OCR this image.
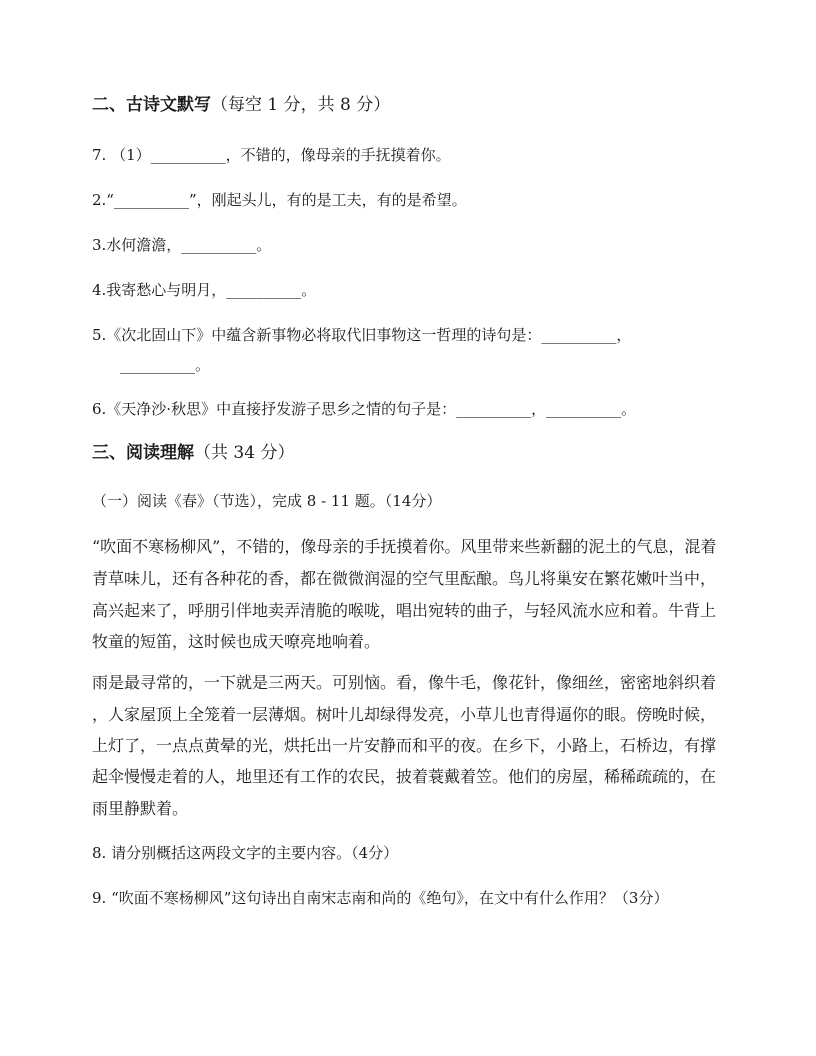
二、古诗文默写（每空 1 分，共 8 分）
7. （1）__________，不错的，像母亲的手抚摸着你。
2.“__________”，刚起头儿，有的是工夫，有的是希望。
3.水何澹澹，__________。
4.我寄愁心与明月，__________。
5.《次北固山下》中蕴含新事物必将取代旧事物这一哲理的诗句是：__________，
__________。
6.《天净沙·秋思》中直接抒发游子思乡之情的句子是：__________，__________。
三、阅读理解（共 34 分）
（一）阅读《春》（节选），完成 8 - 11 题。（14分）
“吹面不寒杨柳风”，不错的，像母亲的手抚摸着你。风里带来些新翻的泥土的气息，混着
青草味儿，还有各种花的香，都在微微润湿的空气里酝酿。鸟儿将巢安在繁花嫩叶当中，
高兴起来了，呼朋引伴地卖弄清脆的喉咙，唱出宛转的曲子，与轻风流水应和着。牛背上
牧童的短笛，这时候也成天嘹亮地响着。
雨是最寻常的，一下就是三两天。可别恼。看，像牛毛，像花针，像细丝，密密地斜织着
，人家屋顶上全笼着一层薄烟。树叶儿却绿得发亮，小草儿也青得逼你的眼。傍晚时候，
上灯了，一点点黄晕的光，烘托出一片安静而和平的夜。在乡下，小路上，石桥边，有撑
起伞慢慢走着的人，地里还有工作的农民，披着蓑戴着笠。他们的房屋，稀稀疏疏的，在
雨里静默着。
8. 请分别概括这两段文字的主要内容。（4分）
9. “吹面不寒杨柳风”这句诗出自南宋志南和尚的《绝句》，在文中有什么作用？（3分）
